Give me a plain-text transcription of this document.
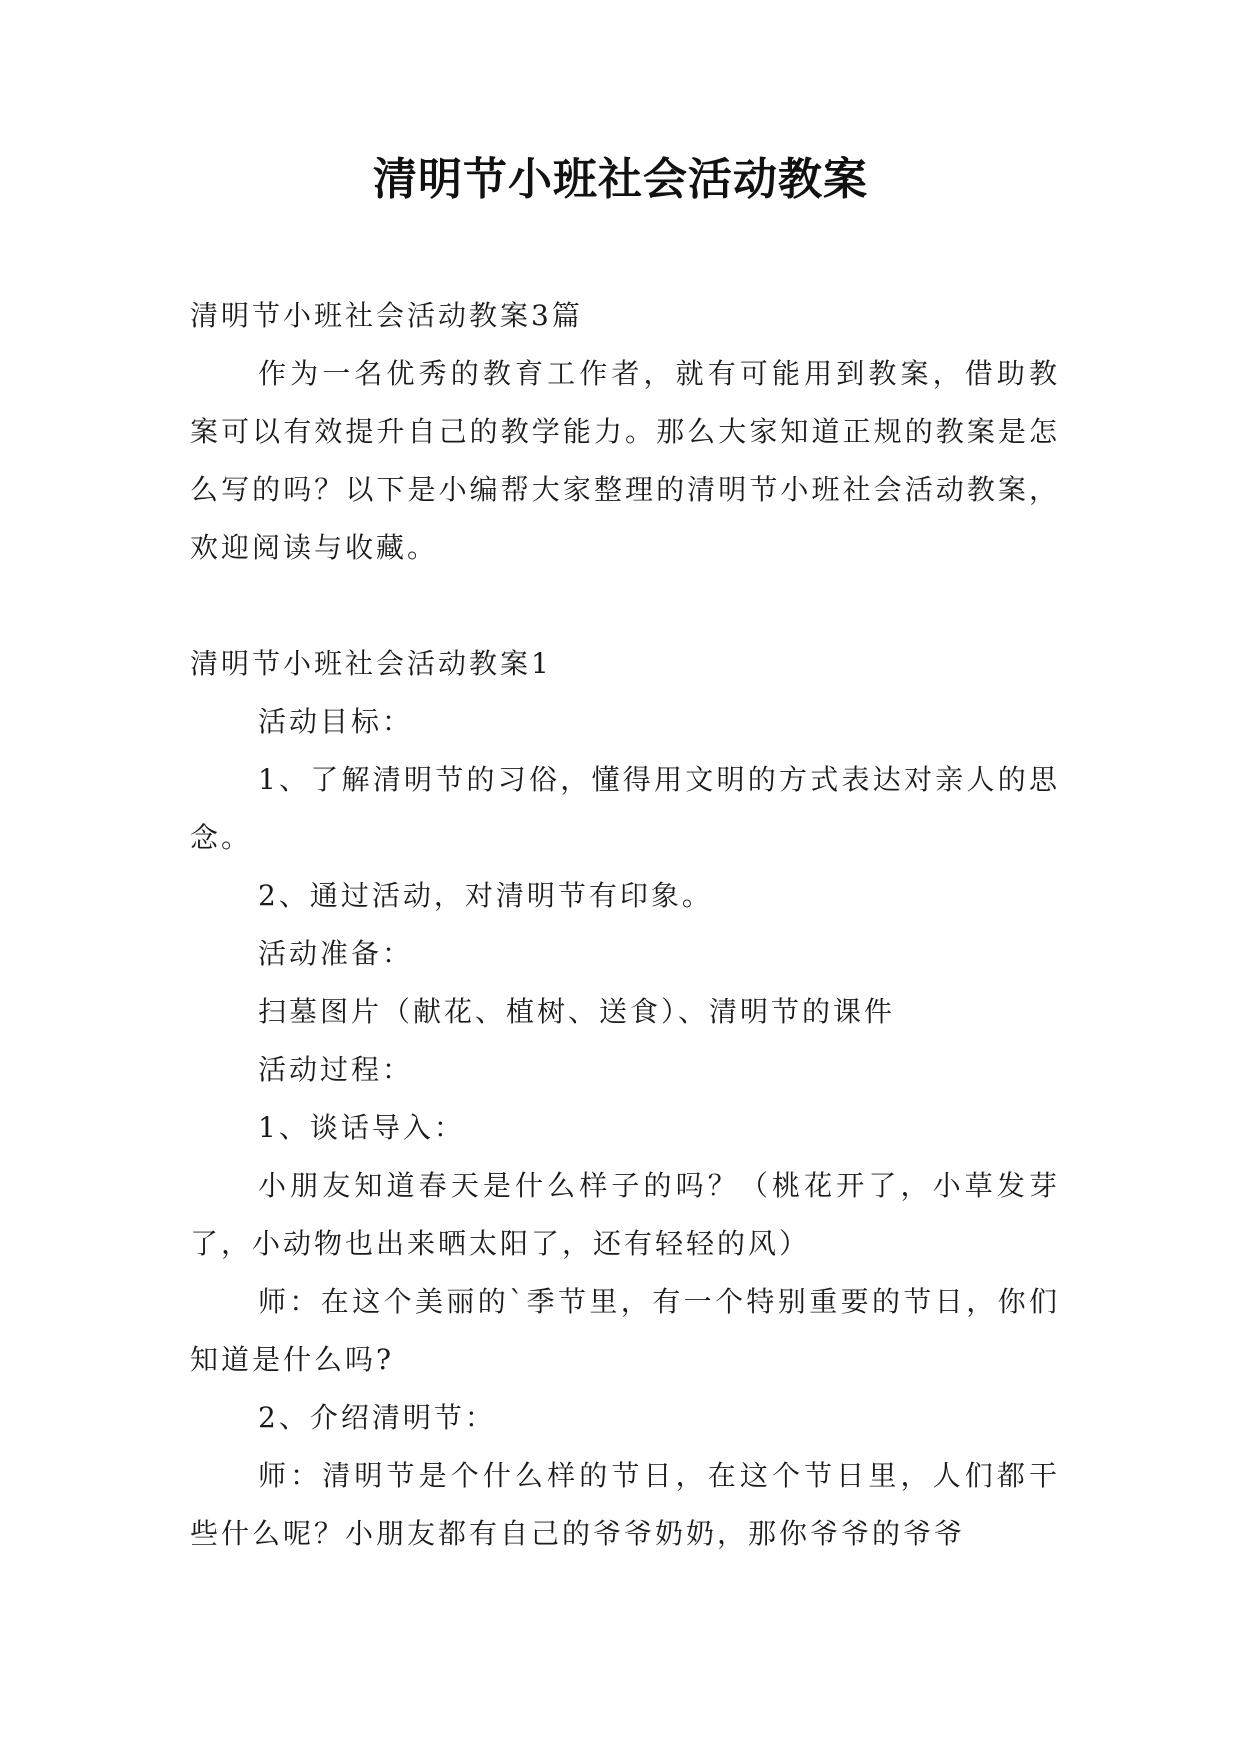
清明节小班社会活动教案

清明节小班社会活动教案3篇

作为一名优秀的教育工作者，就有可能用到教案，借助教案可以有效提升自己的教学能力。那么大家知道正规的教案是怎么写的吗？以下是小编帮大家整理的清明节小班社会活动教案，欢迎阅读与收藏。

清明节小班社会活动教案1

活动目标：

1、了解清明节的习俗，懂得用文明的方式表达对亲人的思念。

2、通过活动，对清明节有印象。

活动准备：

扫墓图片（献花、植树、送食）、清明节的课件

活动过程：

1、谈话导入：

小朋友知道春天是什么样子的吗？（桃花开了，小草发芽了，小动物也出来晒太阳了，还有轻轻的风）

师：在这个美丽的`季节里，有一个特别重要的节日，你们知道是什么吗?

2、介绍清明节：

师：清明节是个什么样的节日，在这个节日里，人们都干些什么呢？小朋友都有自己的爷爷奶奶，那你爷爷的爷爷
